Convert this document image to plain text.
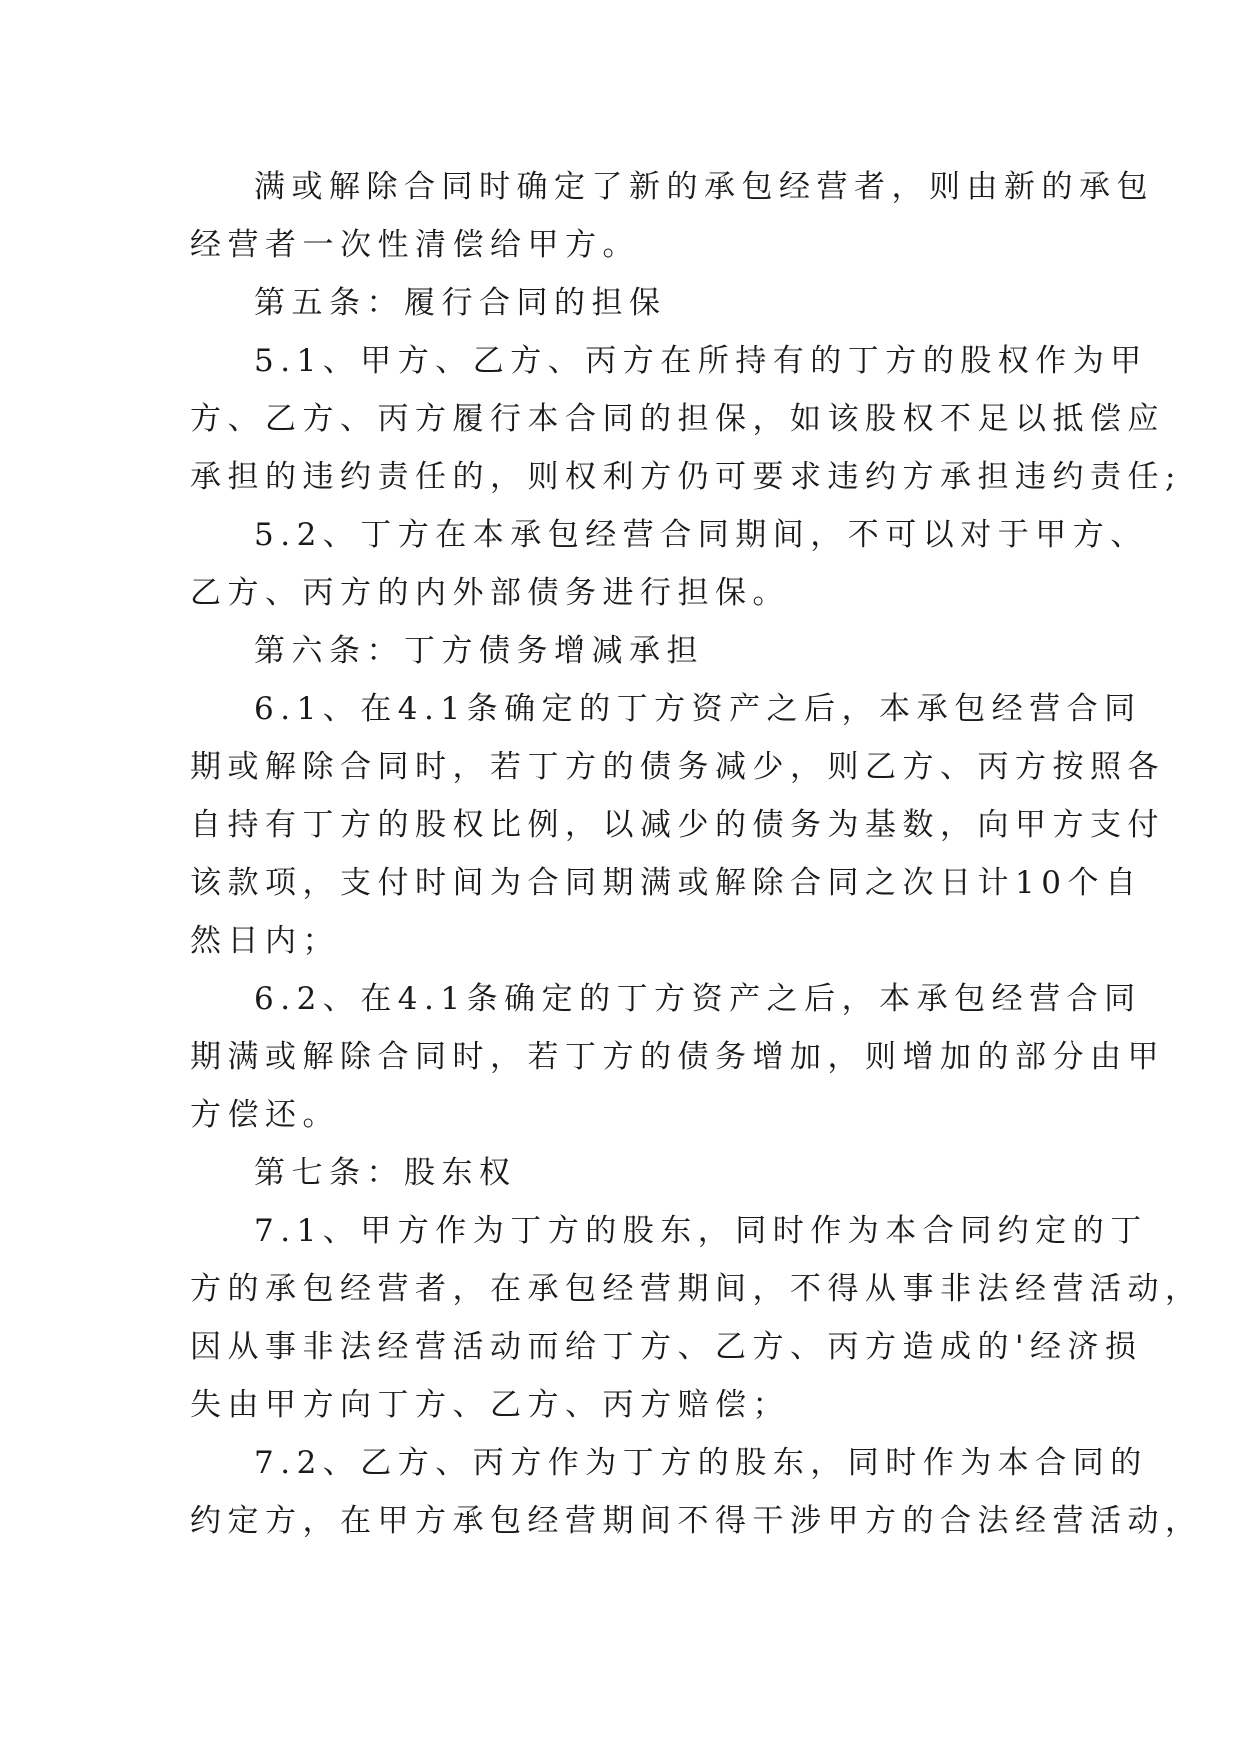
满或解除合同时确定了新的承包经营者，则由新的承包
经营者一次性清偿给甲方。
第五条：履行合同的担保
5.1、甲方、乙方、丙方在所持有的丁方的股权作为甲
方、乙方、丙方履行本合同的担保，如该股权不足以抵偿应
承担的违约责任的，则权利方仍可要求违约方承担违约责任;
5.2、丁方在本承包经营合同期间，不可以对于甲方、
乙方、丙方的内外部债务进行担保。
第六条：丁方债务增减承担
6.1、在4.1条确定的丁方资产之后，本承包经营合同
期或解除合同时，若丁方的债务减少，则乙方、丙方按照各
自持有丁方的股权比例，以减少的债务为基数，向甲方支付
该款项，支付时间为合同期满或解除合同之次日计10个自
然日内；
6.2、在4.1条确定的丁方资产之后，本承包经营合同
期满或解除合同时，若丁方的债务增加，则增加的部分由甲
方偿还。
第七条：股东权
7.1、甲方作为丁方的股东，同时作为本合同约定的丁
方的承包经营者，在承包经营期间，不得从事非法经营活动，
因从事非法经营活动而给丁方、乙方、丙方造成的'经济损
失由甲方向丁方、乙方、丙方赔偿；
7.2、乙方、丙方作为丁方的股东，同时作为本合同的
约定方，在甲方承包经营期间不得干涉甲方的合法经营活动，
